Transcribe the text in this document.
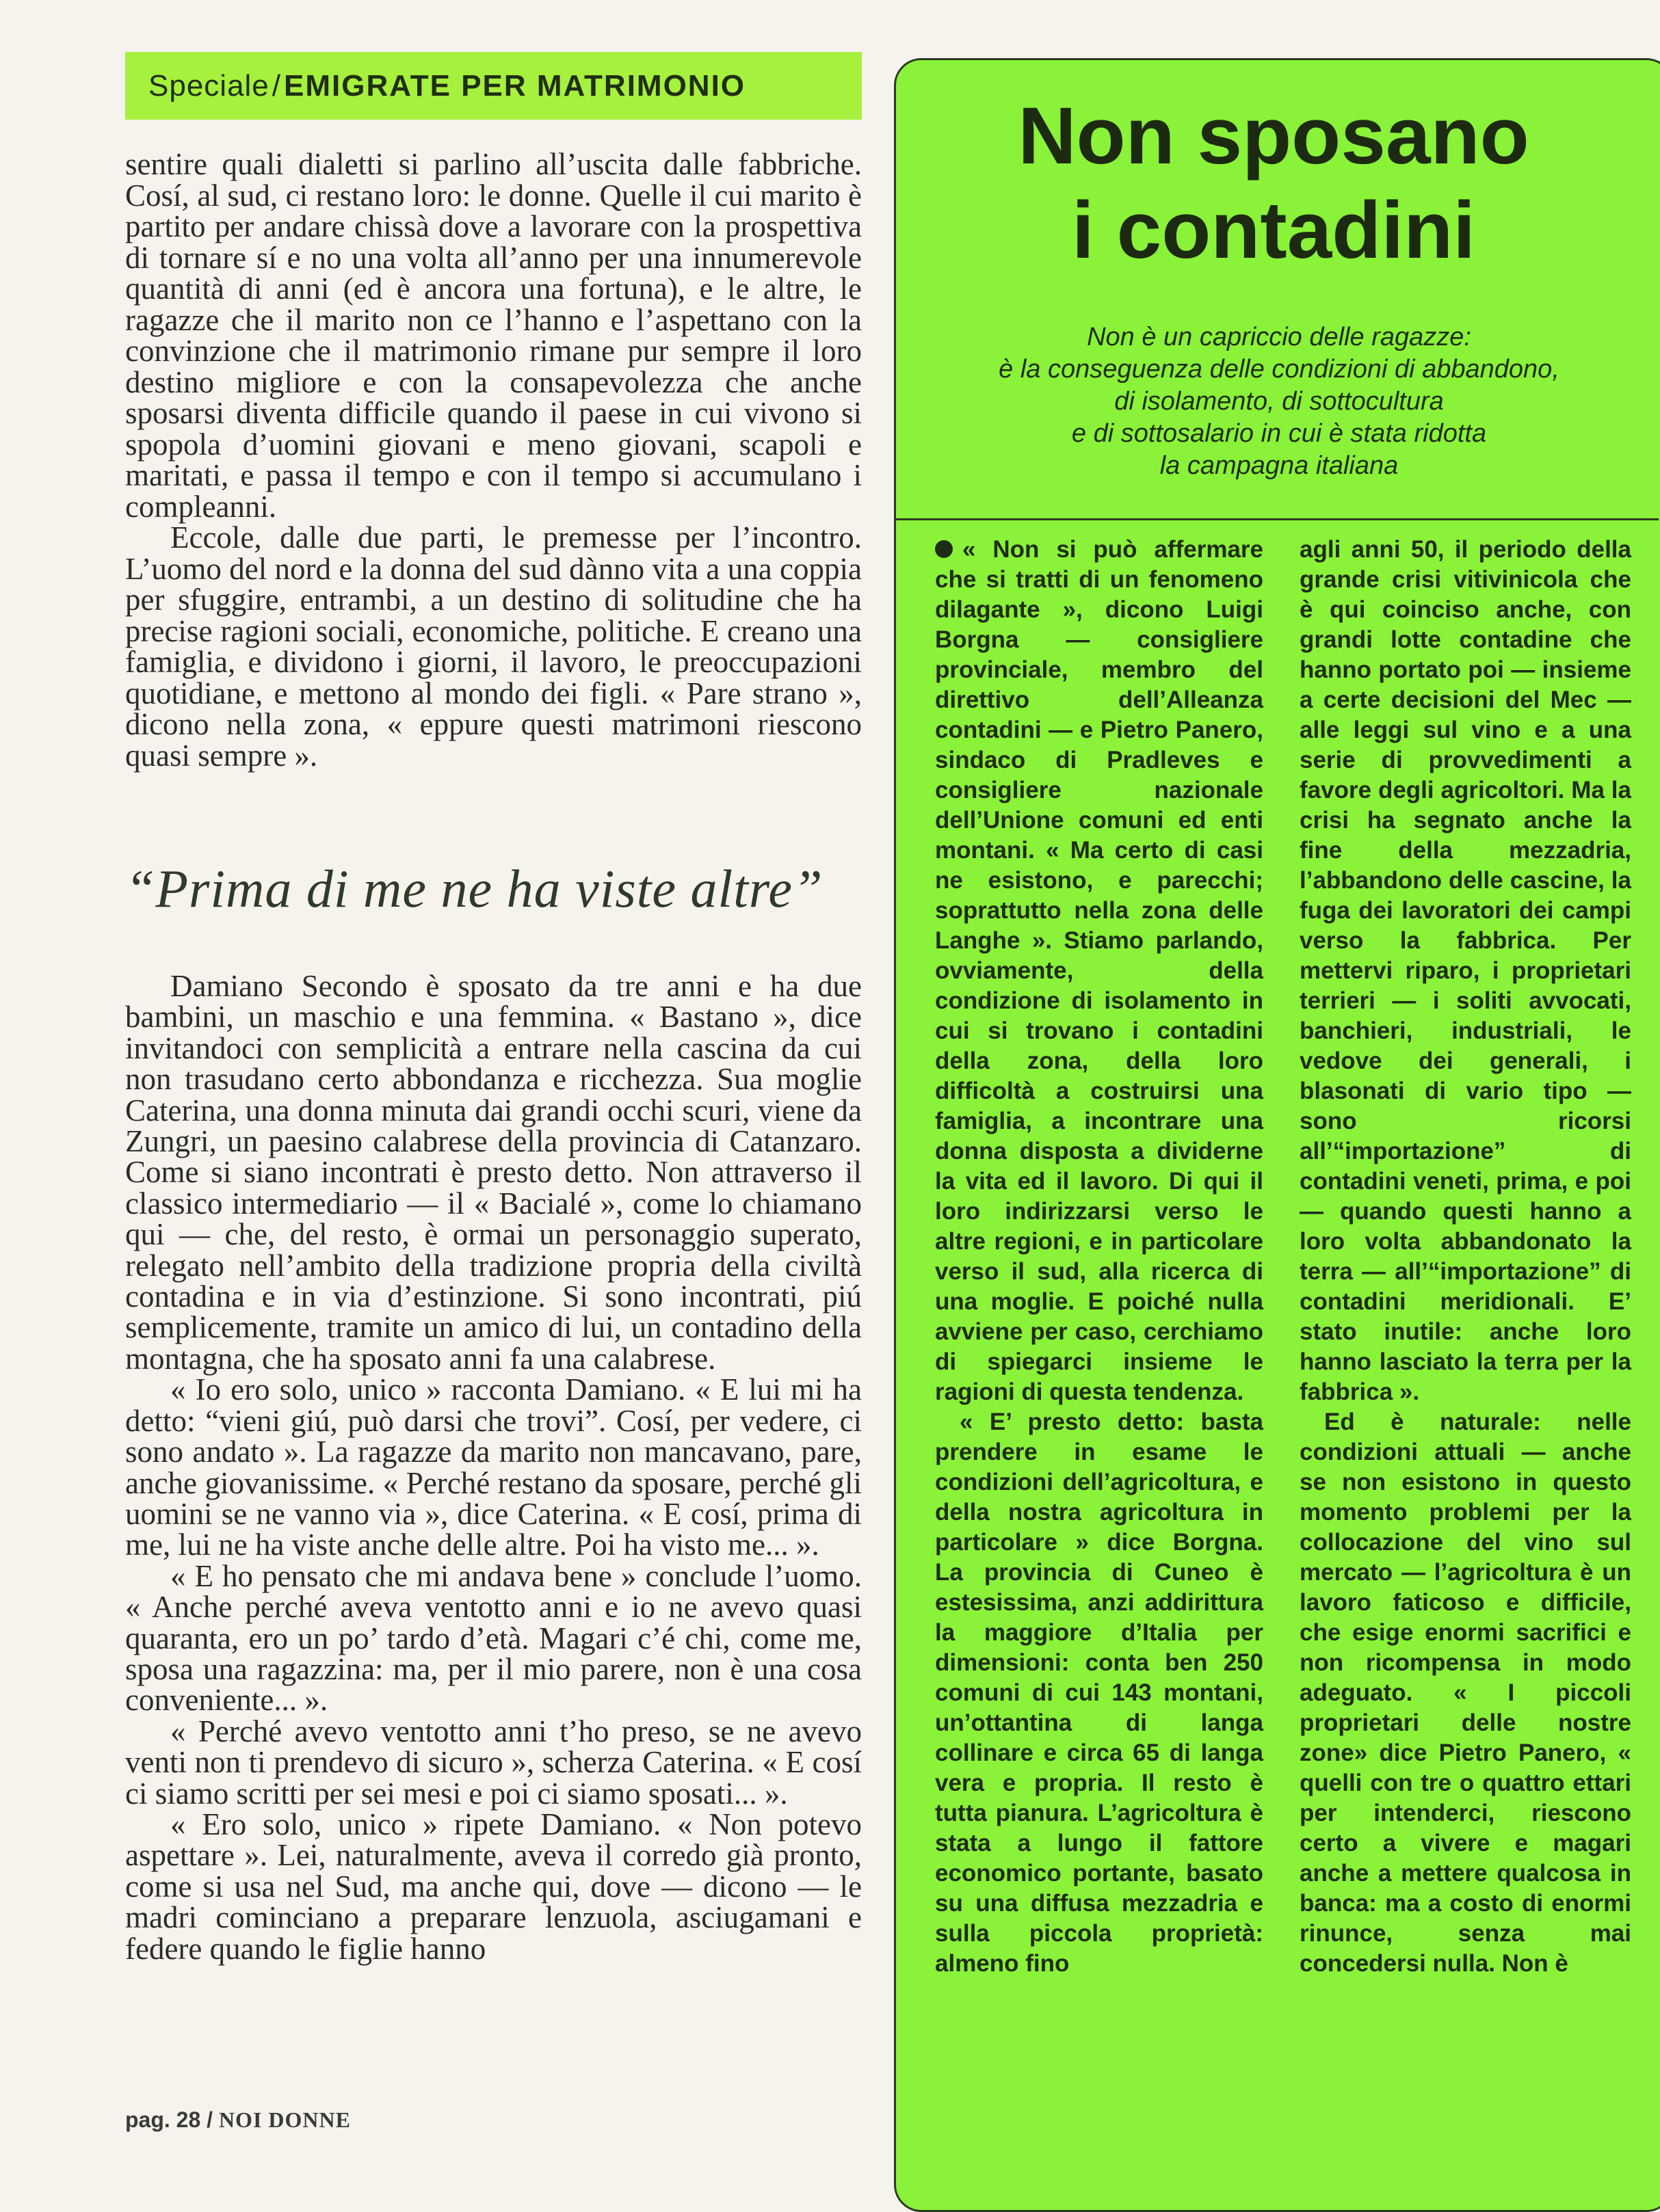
Speciale / EMIGRATE PER MATRIMONIO

sentire quali dialetti si parlino all’uscita dalle fabbriche. Cosí, al sud, ci restano loro: le donne. Quelle il cui marito è partito per andare chissà dove a lavorare con la prospettiva di tornare sí e no una volta all’anno per una innumerevole quantità di anni (ed è ancora una fortuna), e le altre, le ragazze che il marito non ce l’hanno e l’aspettano con la convinzione che il matrimonio rimane pur sempre il loro destino migliore e con la consapevolezza che anche sposarsi diventa difficile quando il paese in cui vivono si spopola d’uomini giovani e meno giovani, scapoli e maritati, e passa il tempo e con il tempo si accumulano i compleanni.

Eccole, dalle due parti, le premesse per l’incontro. L’uomo del nord e la donna del sud dànno vita a una coppia per sfuggire, entrambi, a un destino di solitudine che ha precise ragioni sociali, economiche, politiche. E creano una famiglia, e dividono i giorni, il lavoro, le preoccupazioni quotidiane, e mettono al mondo dei figli. « Pare strano », dicono nella zona, « eppure questi matrimoni riescono quasi sempre ».

“Prima di me ne ha viste altre”

Damiano Secondo è sposato da tre anni e ha due bambini, un maschio e una femmina. « Bastano », dice invitandoci con semplicità a entrare nella cascina da cui non trasudano certo abbondanza e ricchezza. Sua moglie Caterina, una donna minuta dai grandi occhi scuri, viene da Zungri, un paesino calabrese della provincia di Catanzaro. Come si siano incontrati è presto detto. Non attraverso il classico intermediario — il « Bacialé », come lo chiamano qui — che, del resto, è ormai un personaggio superato, relegato nell’ambito della tradizione propria della civiltà contadina e in via d’estinzione. Si sono incontrati, piú semplicemente, tramite un amico di lui, un contadino della montagna, che ha sposato anni fa una calabrese.

« Io ero solo, unico » racconta Damiano. « E lui mi ha detto: “vieni giú, può darsi che trovi”. Cosí, per vedere, ci sono andato ». La ragazze da marito non mancavano, pare, anche giovanissime. « Perché restano da sposare, perché gli uomini se ne vanno via », dice Caterina. « E cosí, prima di me, lui ne ha viste anche delle altre. Poi ha visto me... ».

« E ho pensato che mi andava bene » conclude l’uomo. « Anche perché aveva ventotto anni e io ne avevo quasi quaranta, ero un po’ tardo d’età. Magari c’é chi, come me, sposa una ragazzina: ma, per il mio parere, non è una cosa conveniente... ».

« Perché avevo ventotto anni t’ho preso, se ne avevo venti non ti prendevo di sicuro », scherza Caterina. « E cosí ci siamo scritti per sei mesi e poi ci siamo sposati... ».

« Ero solo, unico » ripete Damiano. « Non potevo aspettare ». Lei, naturalmente, aveva il corredo già pronto, come si usa nel Sud, ma anche qui, dove — dicono — le madri cominciano a preparare lenzuola, asciugamani e federe quando le figlie hanno

pag. 28 / NOI DONNE
Non sposano
i contadini
Non è un capriccio delle ragazze:
è la conseguenza delle condizioni di abbandono,
di isolamento, di sottocultura
e di sottosalario in cui è stata ridotta
la campagna italiana

« Non si può affermare che si tratti di un fenomeno dilagante », dicono Luigi Borgna — consigliere provinciale, membro del direttivo dell’Alleanza contadini — e Pietro Panero, sindaco di Pradleves e consigliere nazionale dell’Unione comuni ed enti montani. « Ma certo di casi ne esistono, e parecchi; soprattutto nella zona delle Langhe ». Stiamo parlando, ovviamente, della condizione di isolamento in cui si trovano i contadini della zona, della loro difficoltà a costruirsi una famiglia, a incontrare una donna disposta a dividerne la vita ed il lavoro. Di qui il loro indirizzarsi verso le altre regioni, e in particolare verso il sud, alla ricerca di una moglie. E poiché nulla avviene per caso, cerchiamo di spiegarci insieme le ragioni di questa tendenza.

« E’ presto detto: basta prendere in esame le condizioni dell’agricoltura, e della nostra agricoltura in particolare » dice Borgna. La provincia di Cuneo è estesissima, anzi addirittura la maggiore d’Italia per dimensioni: conta ben 250 comuni di cui 143 montani, un’ottantina di langa collinare e circa 65 di langa vera e propria. Il resto è tutta pianura. L’agricoltura è stata a lungo il fattore economico portante, basato su una diffusa mezzadria e sulla piccola proprietà: almeno fino

agli anni 50, il periodo della grande crisi vitivinicola che è qui coinciso anche, con grandi lotte contadine che hanno portato poi — insieme a certe decisioni del Mec — alle leggi sul vino e a una serie di provvedimenti a favore degli agricoltori. Ma la crisi ha segnato anche la fine della mezzadria, l’abbandono delle cascine, la fuga dei lavoratori dei campi verso la fabbrica. Per mettervi riparo, i proprietari terrieri — i soliti avvocati, banchieri, industriali, le vedove dei generali, i blasonati di vario tipo — sono ricorsi all’“importazione” di contadini veneti, prima, e poi — quando questi hanno a loro volta abbandonato la terra — all’“importazione” di contadini meridionali. E’ stato inutile: anche loro hanno lasciato la terra per la fabbrica ».

Ed è naturale: nelle condizioni attuali — anche se non esistono in questo momento problemi per la collocazione del vino sul mercato — l’agricoltura è un lavoro faticoso e difficile, che esige enormi sacrifici e non ricompensa in modo adeguato. « I piccoli proprietari delle nostre zone» dice Pietro Panero, « quelli con tre o quattro ettari per intenderci, riescono certo a vivere e magari anche a mettere qualcosa in banca: ma a costo di enormi rinunce, senza mai concedersi nulla. Non è
